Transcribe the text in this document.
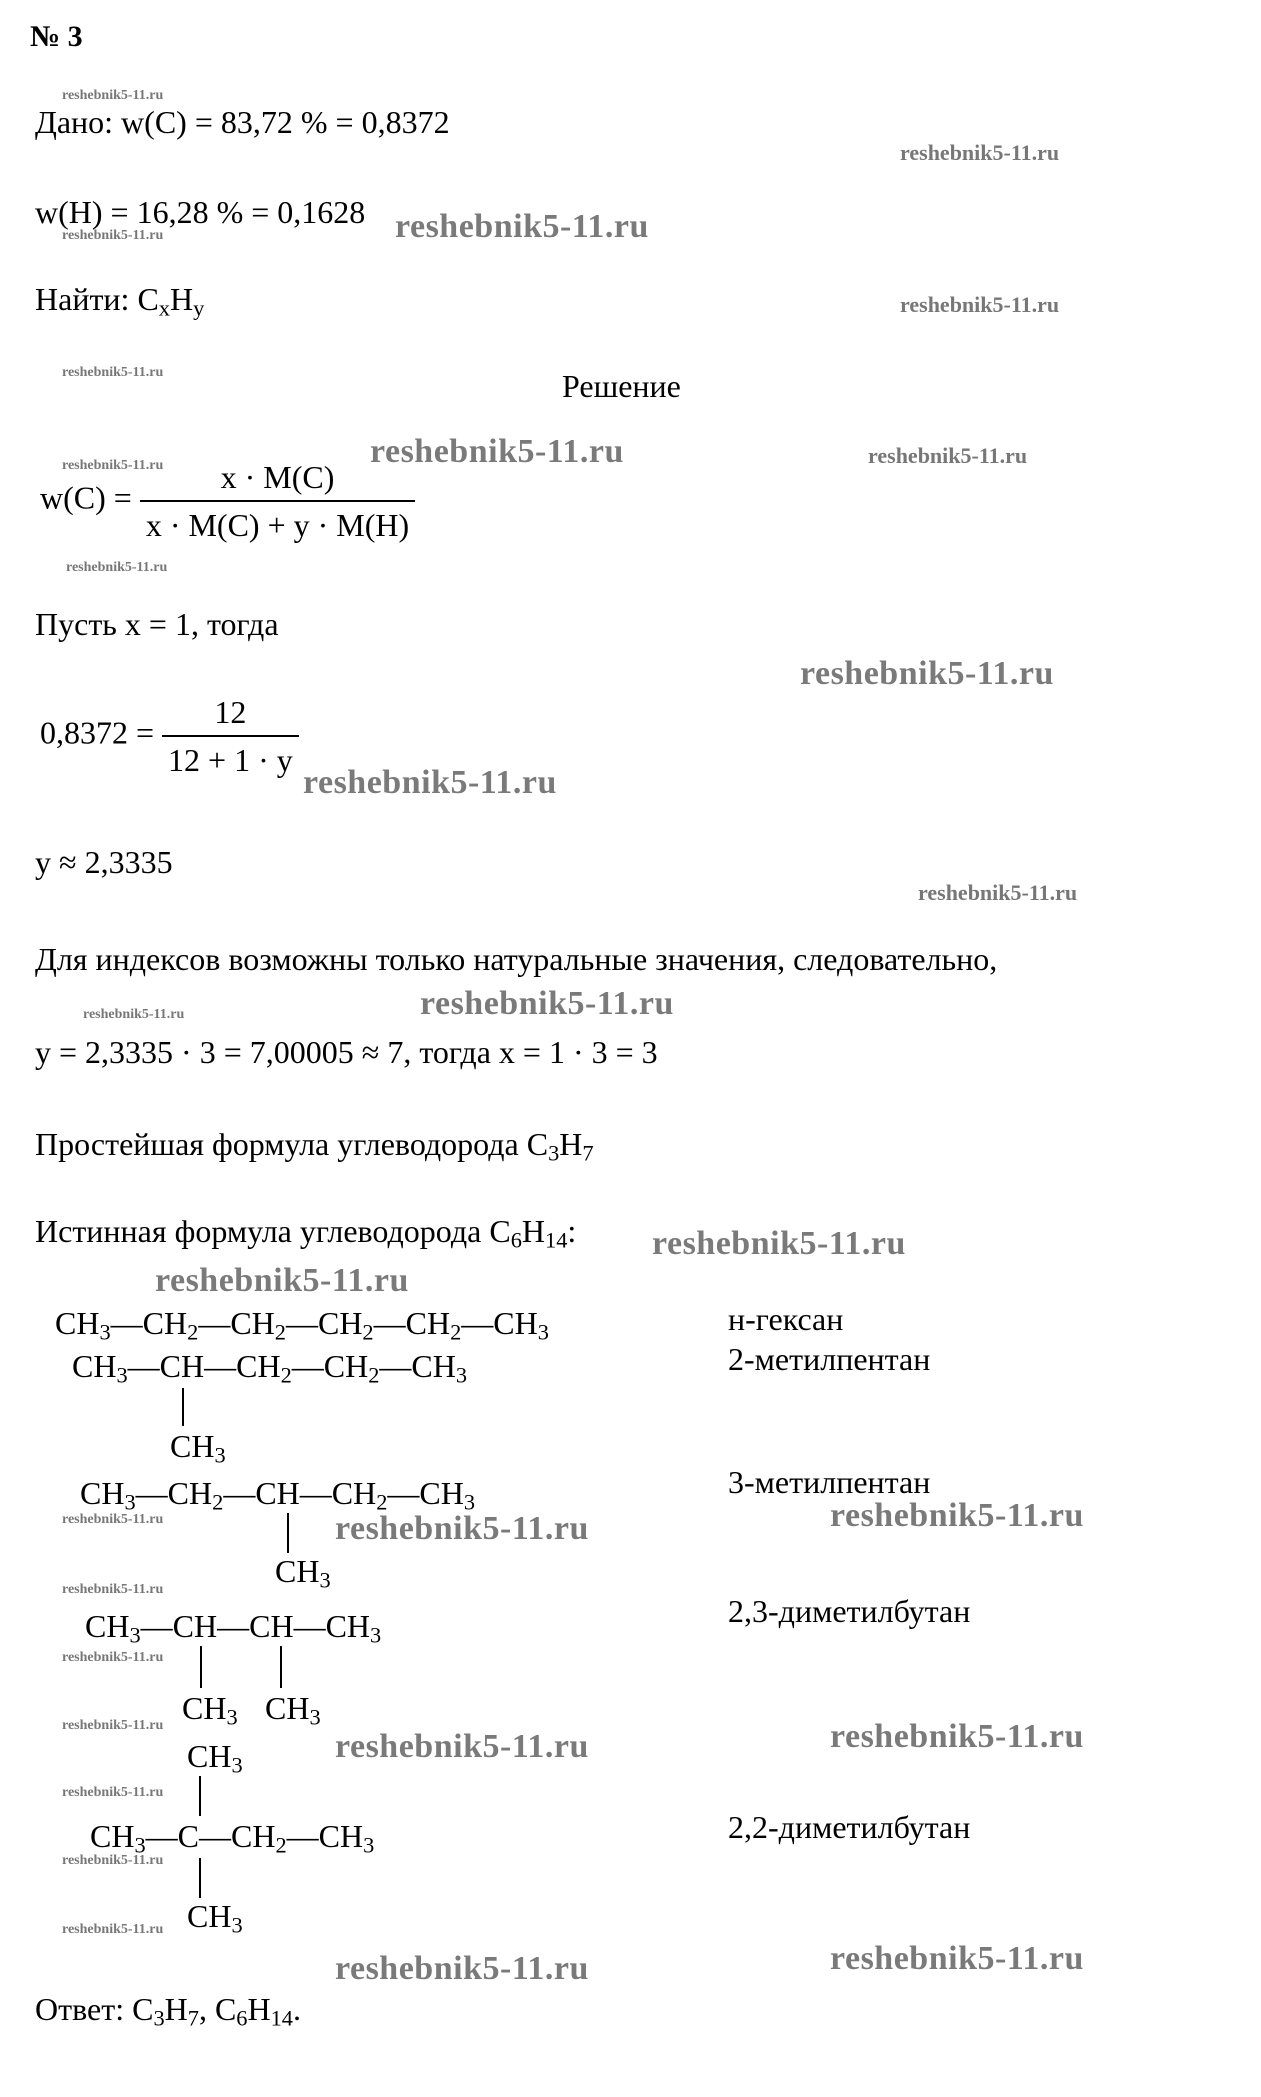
№ 3
Дано: w(C) = 83,72 % = 0,8372
w(H) = 16,28 % = 0,1628
Найти: $C_xH_y$
Решение
$w(C) = \frac{x \cdot M(C)}{x \cdot M(C) + y \cdot M(H)}$
Пусть x = 1, тогда
$0,8372 = \frac{12}{12 + 1 \cdot y}$
y ≈ 2,3335
Для индексов возможны только натуральные значения, следовательно,
y = 2,3335 · 3 = 7,00005 ≈ 7, тогда x = 1 · 3 = 3
Простейшая формула углеводорода $C_3H_7$
Истинная формула углеводорода $C_6H_{14}$:
$CH_3—CH_2—CH_2—CH_2—CH_2—CH_3$
$CH_3—CH—CH_2—CH_2—CH_3$
$CH_3$
$CH_3—CH_2—CH—CH_2—CH_3$
$CH_3$
$CH_3—CH—CH—CH_3$
$CH_3$ $CH_3$
$CH_3$
$CH_3—C—CH_2—CH_3$
$CH_3$
н-гексан
2-метилпентан
3-метилпентан
2,3-диметилбутан
2,2-диметилбутан
Ответ: $C_3H_7$, $C_6H_{14}$.
reshebnik5-11.ru
reshebnik5-11.ru
reshebnik5-11.ru	reshebnik5-11.ru
reshebnik5-11.ru
reshebnik5-11.ru
reshebnik5-11.ru	reshebnik5-11.ru
reshebnik5-11.ru
reshebnik5-11.ru
reshebnik5-11.ru
reshebnik5-11.ru
reshebnik5-11.ru
reshebnik5-11.ru	reshebnik5-11.ru
reshebnik5-11.ru
reshebnik5-11.ru
reshebnik5-11.ru	reshebnik5-11.ru	reshebnik5-11.ru
reshebnik5-11.ru
reshebnik5-11.ru
reshebnik5-11.ru
reshebnik5-11.ru	reshebnik5-11.ru
reshebnik5-11.ru
reshebnik5-11.ru
reshebnik5-11.ru
reshebnik5-11.ru	reshebnik5-11.ru
